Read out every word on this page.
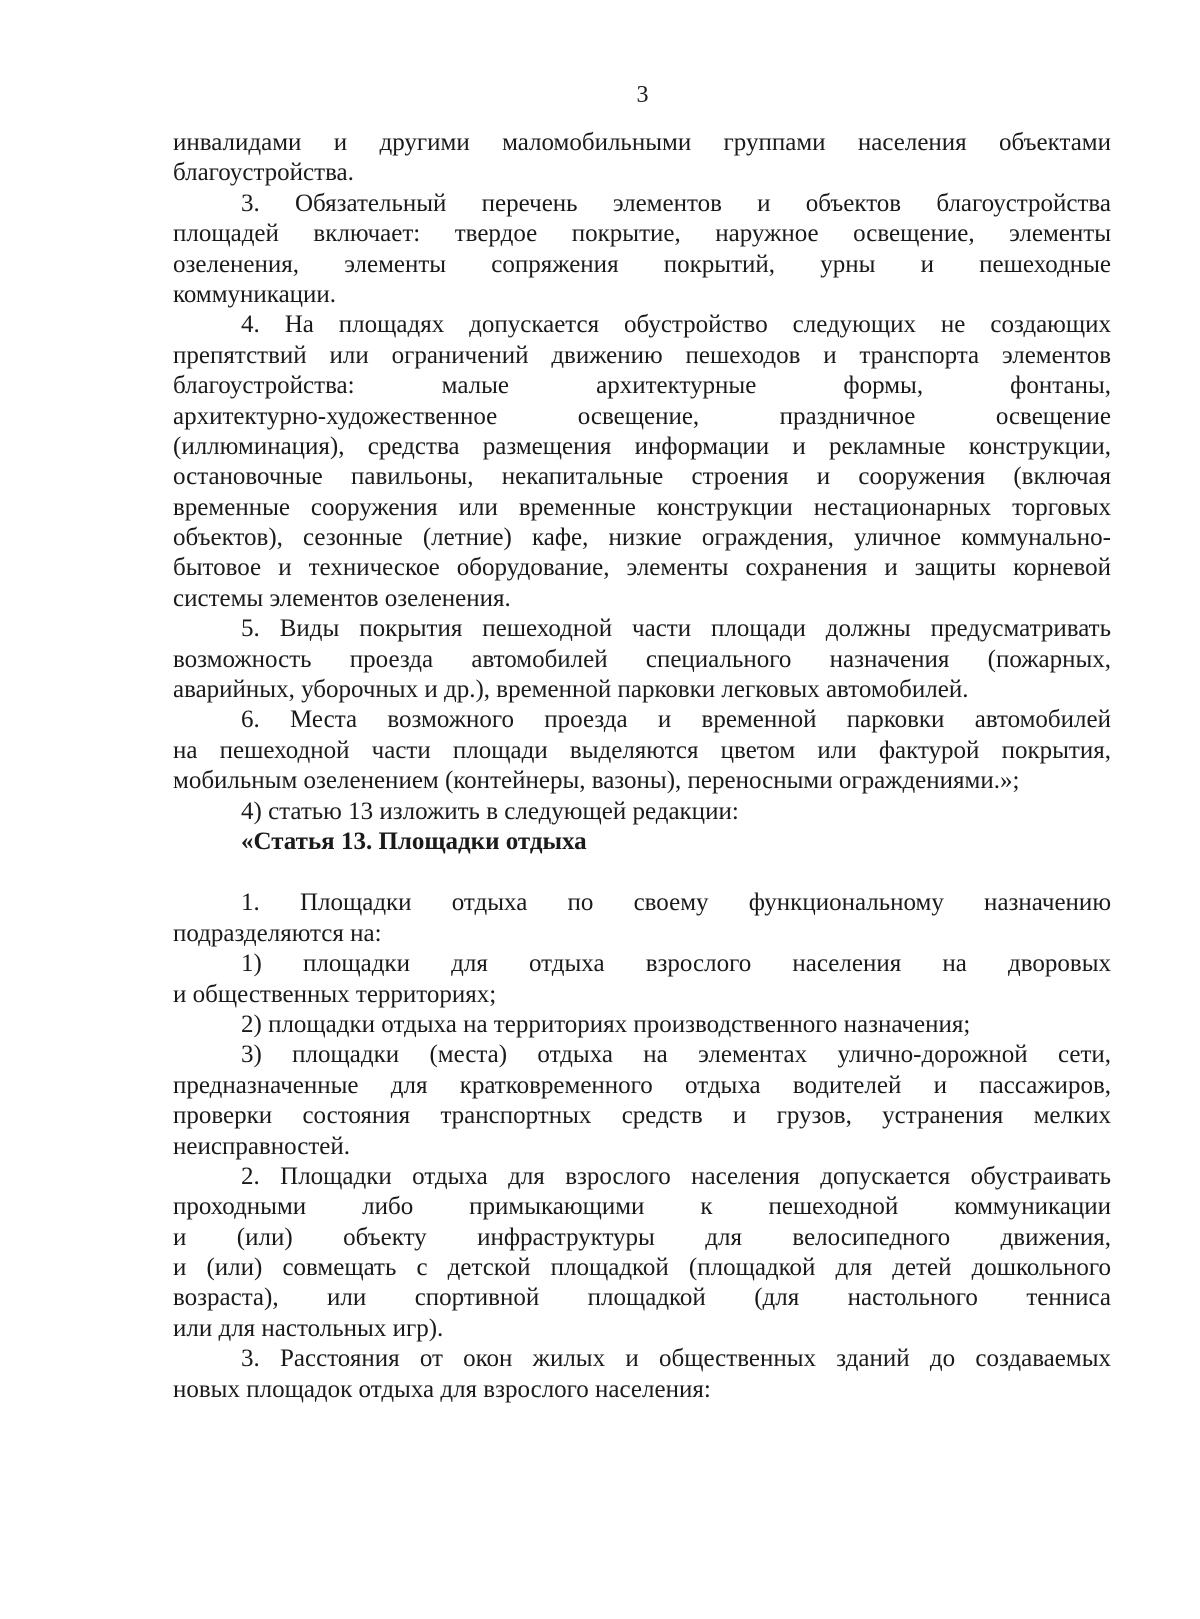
3
инвалидами и другими маломобильными группами населения объектами
благоустройства.
3. Обязательный перечень элементов и объектов благоустройства
площадей включает: твердое покрытие, наружное освещение, элементы
озеленения, элементы сопряжения покрытий, урны и пешеходные
коммуникации.
4. На площадях допускается обустройство следующих не создающих
препятствий или ограничений движению пешеходов и транспорта элементов
благоустройства: малые архитектурные формы, фонтаны,
архитектурно-художественное освещение, праздничное освещение
(иллюминация), средства размещения информации и рекламные конструкции,
остановочные павильоны, некапитальные строения и сооружения (включая
временные сооружения или временные конструкции нестационарных торговых
объектов), сезонные (летние) кафе, низкие ограждения, уличное коммунально-
бытовое и техническое оборудование, элементы сохранения и защиты корневой
системы элементов озеленения.
5. Виды покрытия пешеходной части площади должны предусматривать
возможность проезда автомобилей специального назначения (пожарных,
аварийных, уборочных и др.), временной парковки легковых автомобилей.
6. Места возможного проезда и временной парковки автомобилей
на пешеходной части площади выделяются цветом или фактурой покрытия,
мобильным озеленением (контейнеры, вазоны), переносными ограждениями.»;
4) статью 13 изложить в следующей редакции:
«Статья 13. Площадки отдыха
1. Площадки отдыха по своему функциональному назначению
подразделяются на:
1) площадки для отдыха взрослого населения на дворовых
и общественных территориях;
2) площадки отдыха на территориях производственного назначения;
3) площадки (места) отдыха на элементах улично-дорожной сети,
предназначенные для кратковременного отдыха водителей и пассажиров,
проверки состояния транспортных средств и грузов, устранения мелких
неисправностей.
2. Площадки отдыха для взрослого населения допускается обустраивать
проходными либо примыкающими к пешеходной коммуникации
и (или) объекту инфраструктуры для велосипедного движения,
и (или) совмещать с детской площадкой (площадкой для детей дошкольного
возраста), или спортивной площадкой (для настольного тенниса
или для настольных игр).
3. Расстояния от окон жилых и общественных зданий до создаваемых
новых площадок отдыха для взрослого населения:
